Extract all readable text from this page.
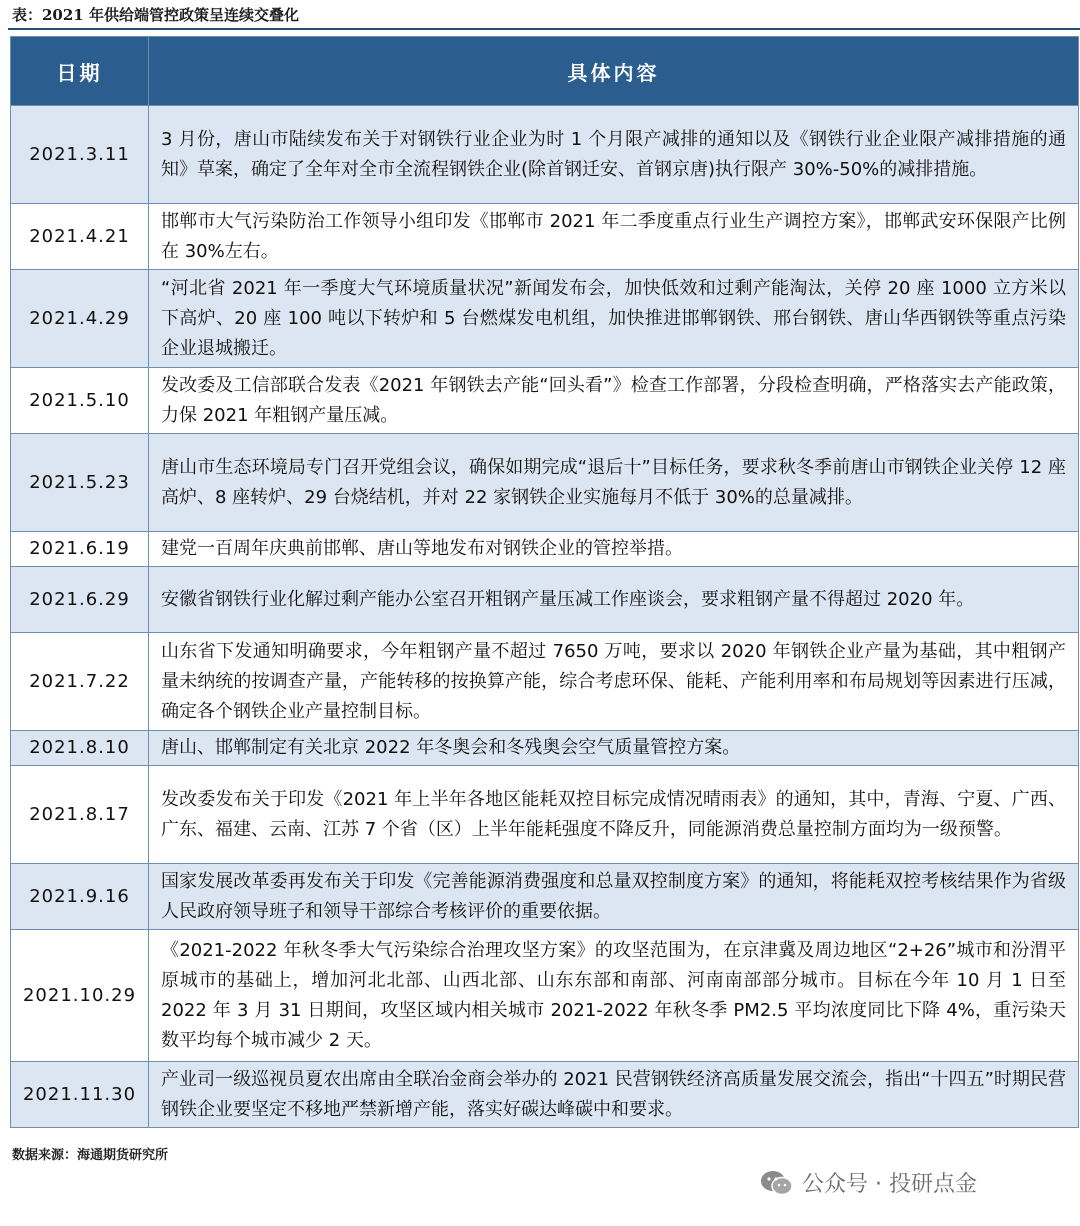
表：2021 年供给端管控政策呈连续交叠化
日期	具体内容
2021.3.11	3 月份，唐山市陆续发布关于对钢铁行业企业为时 1 个月限产减排的通知以及《钢铁行业企业限产减排措施的通知》草案，确定了全年对全市全流程钢铁企业(除首钢迁安、首钢京唐)执行限产 30%-50%的减排措施。
2021.4.21	邯郸市大气污染防治工作领导小组印发《邯郸市 2021 年二季度重点行业生产调控方案》，邯郸武安环保限产比例在 30%左右。
2021.4.29	“河北省 2021 年一季度大气环境质量状况”新闻发布会，加快低效和过剩产能淘汰，关停 20 座 1000 立方米以下高炉、20 座 100 吨以下转炉和 5 台燃煤发电机组，加快推进邯郸钢铁、邢台钢铁、唐山华西钢铁等重点污染企业退城搬迁。
2021.5.10	发改委及工信部联合发表《2021 年钢铁去产能“回头看”》检查工作部署，分段检查明确，严格落实去产能政策，力保 2021 年粗钢产量压减。
2021.5.23	唐山市生态环境局专门召开党组会议，确保如期完成“退后十”目标任务，要求秋冬季前唐山市钢铁企业关停 12 座高炉、8 座转炉、29 台烧结机，并对 22 家钢铁企业实施每月不低于 30%的总量减排。
2021.6.19	建党一百周年庆典前邯郸、唐山等地发布对钢铁企业的管控举措。
2021.6.29	安徽省钢铁行业化解过剩产能办公室召开粗钢产量压减工作座谈会，要求粗钢产量不得超过 2020 年。
2021.7.22	山东省下发通知明确要求，今年粗钢产量不超过 7650 万吨，要求以 2020 年钢铁企业产量为基础，其中粗钢产量未纳统的按调查产量，产能转移的按换算产能，综合考虑环保、能耗、产能利用率和布局规划等因素进行压减，确定各个钢铁企业产量控制目标。
2021.8.10	唐山、邯郸制定有关北京 2022 年冬奥会和冬残奥会空气质量管控方案。
2021.8.17	发改委发布关于印发《2021 年上半年各地区能耗双控目标完成情况晴雨表》的通知，其中，青海、宁夏、广西、广东、福建、云南、江苏 7 个省（区）上半年能耗强度不降反升，同能源消费总量控制方面均为一级预警。
2021.9.16	国家发展改革委再发布关于印发《完善能源消费强度和总量双控制度方案》的通知，将能耗双控考核结果作为省级人民政府领导班子和领导干部综合考核评价的重要依据。
2021.10.29	《2021-2022 年秋冬季大气污染综合治理攻坚方案》的攻坚范围为，在京津冀及周边地区“2+26”城市和汾渭平原城市的基础上，增加河北北部、山西北部、山东东部和南部、河南南部部分城市。目标在今年 10 月 1 日至 2022 年 3 月 31 日期间，攻坚区域内相关城市 2021-2022 年秋冬季 PM2.5 平均浓度同比下降 4%，重污染天数平均每个城市减少 2 天。
2021.11.30	产业司一级巡视员夏农出席由全联冶金商会举办的 2021 民营钢铁经济高质量发展交流会，指出“十四五”时期民营钢铁企业要坚定不移地严禁新增产能，落实好碳达峰碳中和要求。
数据来源：海通期货研究所
公众号 · 投研点金
